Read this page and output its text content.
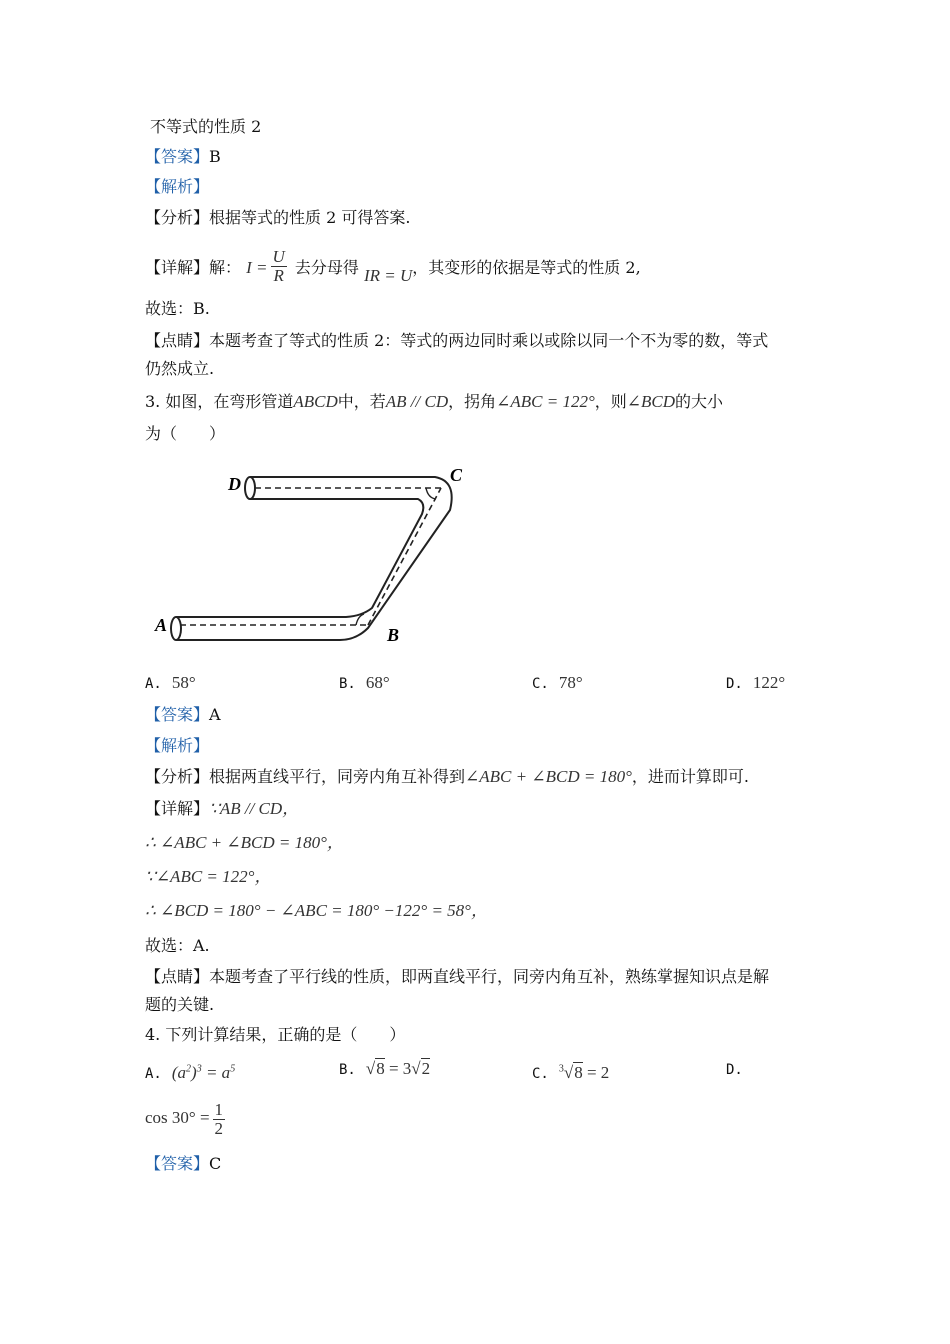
不等式的性质 2
【答案】B
【解析】
【分析】根据等式的性质 2 可得答案.
【详解】解： $I = \frac{U}{R}$ 去分母得 IR = U，其变形的依据是等式的性质 2,
故选：B.
【点睛】本题考查了等式的性质 2：等式的两边同时乘以或除以同一个不为零的数，等式
仍然成立.
3. 如图，在弯形管道ABCD中，若AB // CD，拐角∠ABC = 122°，则∠BCD的大小
为（　　）
A	B
C
D
A. 58°	B. 68°	C. 78°	D. 122°
【答案】A
【解析】
【分析】根据两直线平行，同旁内角互补得到∠ABC + ∠BCD = 180°，进而计算即可.
【详解】∵AB // CD，
∴ ∠ABC + ∠BCD = 180°，
∵∠ABC = 122°，
∴ ∠BCD = 180° − ∠ABC = 180° −122° = 58°，
故选：A.
【点睛】本题考查了平行线的性质，即两直线平行，同旁内角互补，熟练掌握知识点是解
题的关键.
4. 下列计算结果，正确的是（　　）
A. $(a^2)^3 = a^5$	B. √8 = 3√2	C. $^3$√8 = 2	D.
$\cos 30^\circ = \frac{1}{2}$
【答案】C
